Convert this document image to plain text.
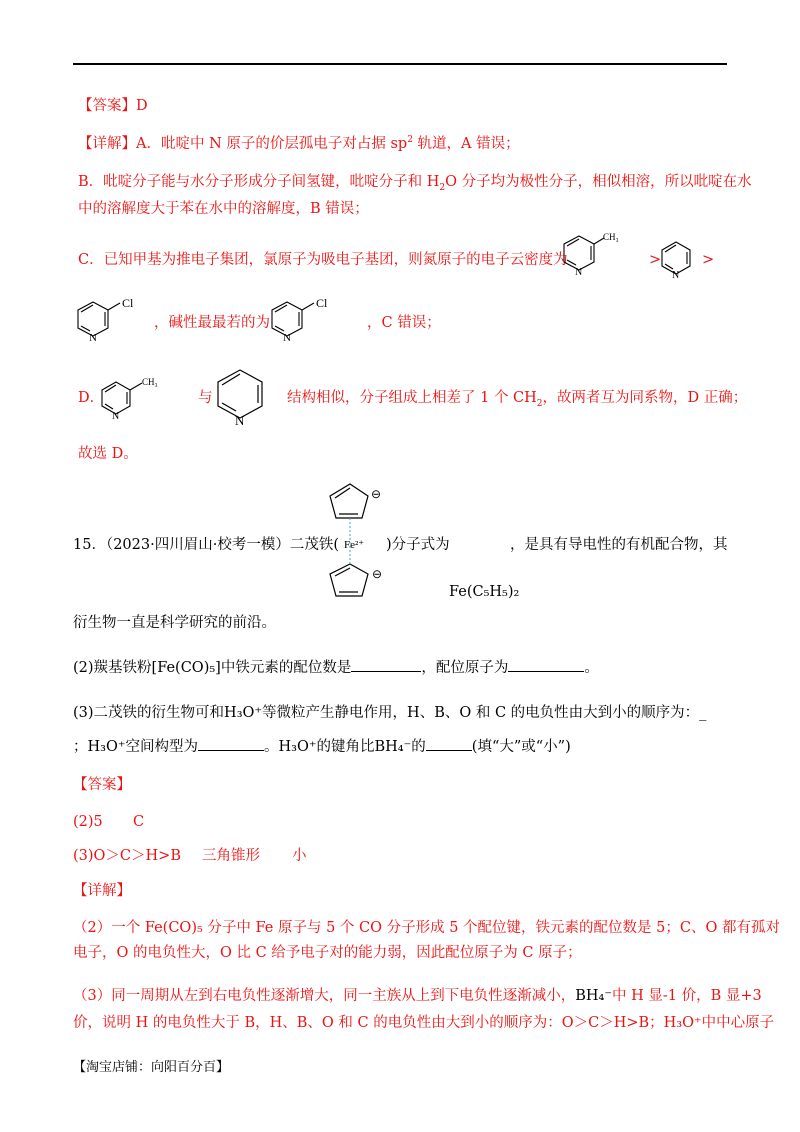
【答案】D
【详解】A．吡啶中 N 原子的价层孤电子对占据 $sp^2$ 轨道，A 错误；
B．吡啶分子能与水分子形成分子间氢键，吡啶分子和 $H_2O$ 分子均为极性分子，相似相溶，所以吡啶在水
中的溶解度大于苯在水中的溶解度，B 错误；
C．已知甲基为推电子集团，氯原子为吸电子基团，则氮原子的电子云密度为
N
CH₃
>
N
>
N
Cl
，碱性最最若的为
N
Cl
，C 错误；
D．
N
CH₃
与
N
结构相似，分子组成上相差了 1 个 $CH_2$，故两者互为同系物，D 正确；
故选 D。
⊖
⊖
Fe²⁺
15．（2023·四川眉山·校考一模）二茂铁(	)分子式为	，是具有导电性的有机配合物，其
Fe(C₅H₅)₂
衍生物一直是科学研究的前沿。
(2)羰基铁粉[Fe(CO)₅]中铁元素的配位数是	，配位原子为	。
(3)二茂铁的衍生物可和H₃O⁺等微粒产生静电作用，H、B、O 和 C 的电负性由大到小的顺序为：_
；H₃O⁺空间构型为	。H₃O⁺的键角比BH₄⁻的	(填“大”或“小”)
【答案】
(2)5 C
(3)O＞C＞H>B 三角锥形 小
【详解】
（2）一个 Fe(CO)₅ 分子中 Fe 原子与 5 个 CO 分子形成 5 个配位键，铁元素的配位数是 5；C、O 都有孤对
电子，O 的电负性大，O 比 C 给予电子对的能力弱，因此配位原子为 C 原子；
（3）同一周期从左到右电负性逐渐增大，同一主族从上到下电负性逐渐减小，BH₄⁻中 H 显-1 价，B 显+3
价，说明 H 的电负性大于 B，H、B、O 和 C 的电负性由大到小的顺序为：O＞C＞H>B；H₃O⁺中中心原子
【淘宝店铺：向阳百分百】
